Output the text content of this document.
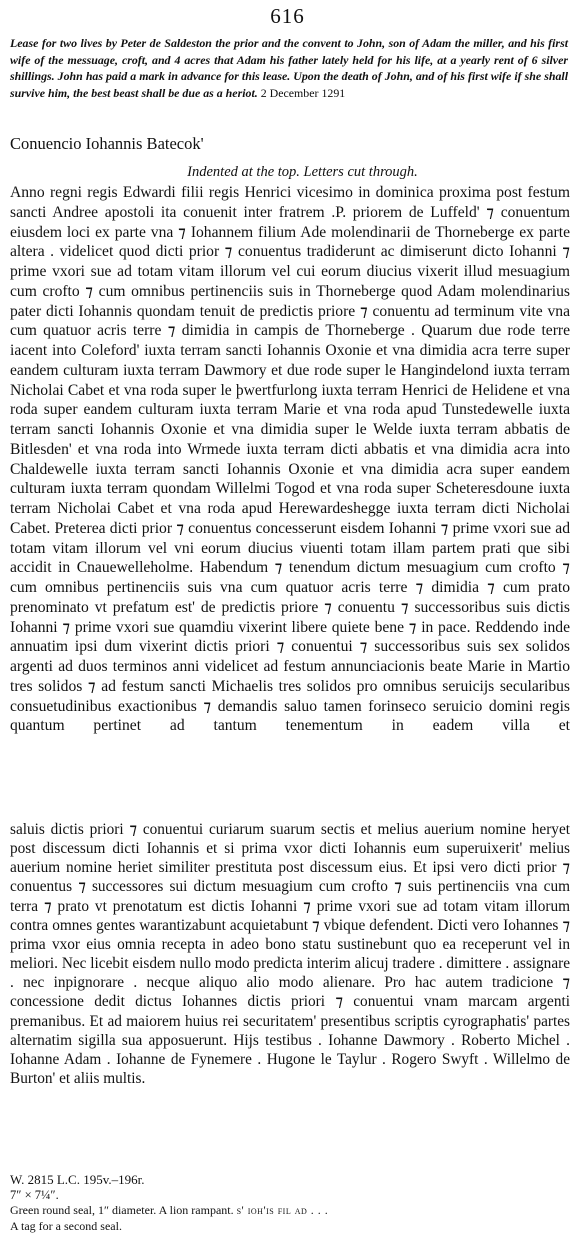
616

Lease for two lives by Peter de Saldeston the prior and the convent to John, son of Adam the miller, and his first wife of the messuage, croft, and 4 acres that Adam his father lately held for his life, at a yearly rent of 6 silver shillings. John has paid a mark in advance for this lease. Upon the death of John, and of his first wife if she shall survive him, the best beast shall be due as a heriot. 2 December 1291

Conuencio Iohannis Batecok'
Indented at the top. Letters cut through.

Anno regni regis Edwardi filii regis Henrici vicesimo in dominica proxima post festum sancti Andree apostoli ita conuenit inter fratrem .P. priorem de Luffeld' ⁊ conuentum eiusdem loci ex parte vna ⁊ Iohannem filium Ade molendinarii de Thorneberge ex parte altera . videlicet quod dicti prior ⁊ conuentus tradiderunt ac dimiserunt dicto Iohanni ⁊ prime vxori sue ad totam vitam illorum vel cui eorum diucius vixerit illud mesuagium cum crofto ⁊ cum omnibus pertinenciis suis in Thorneberge quod Adam molendinarius pater dicti Iohannis quondam tenuit de predictis priore ⁊ conuentu ad terminum vite vna cum quatuor acris terre ⁊ dimidia in campis de Thorneberge . Quarum due rode terre iacent into Coleford' iuxta terram sancti Iohannis Oxonie et vna dimidia acra terre super eandem culturam iuxta terram Dawmory et due rode super le Hangindelond iuxta terram Nicholai Cabet et vna roda super le þwertfurlong iuxta terram Henrici de Helidene et vna roda super eandem culturam iuxta terram Marie et vna roda apud Tunstedewelle iuxta terram sancti Iohannis Oxonie et vna dimidia super le Welde iuxta terram abbatis de Bitlesden' et vna roda into Wrmede iuxta terram dicti abbatis et vna dimidia acra into Chaldewelle iuxta terram sancti Iohannis Oxonie et vna dimidia acra super eandem culturam iuxta terram quondam Willelmi Togod et vna roda super Scheteresdoune iuxta terram Nicholai Cabet et vna roda apud Herewardeshegge iuxta terram dicti Nicholai Cabet. Preterea dicti prior ⁊ conuentus concesserunt eisdem Iohanni ⁊ prime vxori sue ad totam vitam illorum vel vni eorum diucius viuenti totam illam partem prati que sibi accidit in Cnauewelleholme. Habendum ⁊ tenendum dictum mesuagium cum crofto ⁊ cum omnibus pertinenciis suis vna cum quatuor acris terre ⁊ dimidia ⁊ cum prato prenominato vt prefatum est' de predictis priore ⁊ conuentu ⁊ successoribus suis dictis Iohanni ⁊ prime vxori sue quamdiu vixerint libere quiete bene ⁊ in pace. Reddendo inde annuatim ipsi dum vixerint dictis priori ⁊ conuentui ⁊ successoribus suis sex solidos argenti ad duos terminos anni videlicet ad festum annunciacionis beate Marie in Martio tres solidos ⁊ ad festum sancti Michaelis tres solidos pro omnibus seruicijs secularibus consuetudinibus exactionibus ⁊ demandis saluo tamen forinseco seruicio domini regis quantum pertinet ad tantum tenementum in eadem villa et

saluis dictis priori ⁊ conuentui curiarum suarum sectis et melius auerium nomine heryet post discessum dicti Iohannis et si prima vxor dicti Iohannis eum superuixerit' melius auerium nomine heriet similiter prestituta post discessum eius. Et ipsi vero dicti prior ⁊ conuentus ⁊ successores sui dictum mesuagium cum crofto ⁊ suis pertinenciis vna cum terra ⁊ prato vt prenotatum est dictis Iohanni ⁊ prime vxori sue ad totam vitam illorum contra omnes gentes warantizabunt acquietabunt ⁊ vbique defendent. Dicti vero Iohannes ⁊ prima vxor eius omnia recepta in adeo bono statu sustinebunt quo ea receperunt vel in meliori. Nec licebit eisdem nullo modo predicta interim alicuj tradere . dimittere . assignare . nec inpignorare . necque aliquo alio modo alienare. Pro hac autem tradicione ⁊ concessione dedit dictus Iohannes dictis priori ⁊ conuentui vnam marcam argenti premanibus. Et ad maiorem huius rei securitatem' presentibus scriptis cyrographatis' partes alternatim sigilla sua apposuerunt. Hijs testibus . Iohanne Dawmory . Roberto Michel . Iohanne Adam . Iohanne de Fynemere . Hugone le Taylur . Rogero Swyft . Willelmo de Burton' et aliis multis.

W. 2815 L.C. 195v.–196r.
7″ × 7¼″.
Green round seal, 1″ diameter. A lion rampant. s' ioh'is fil ad . . .
A tag for a second seal.
